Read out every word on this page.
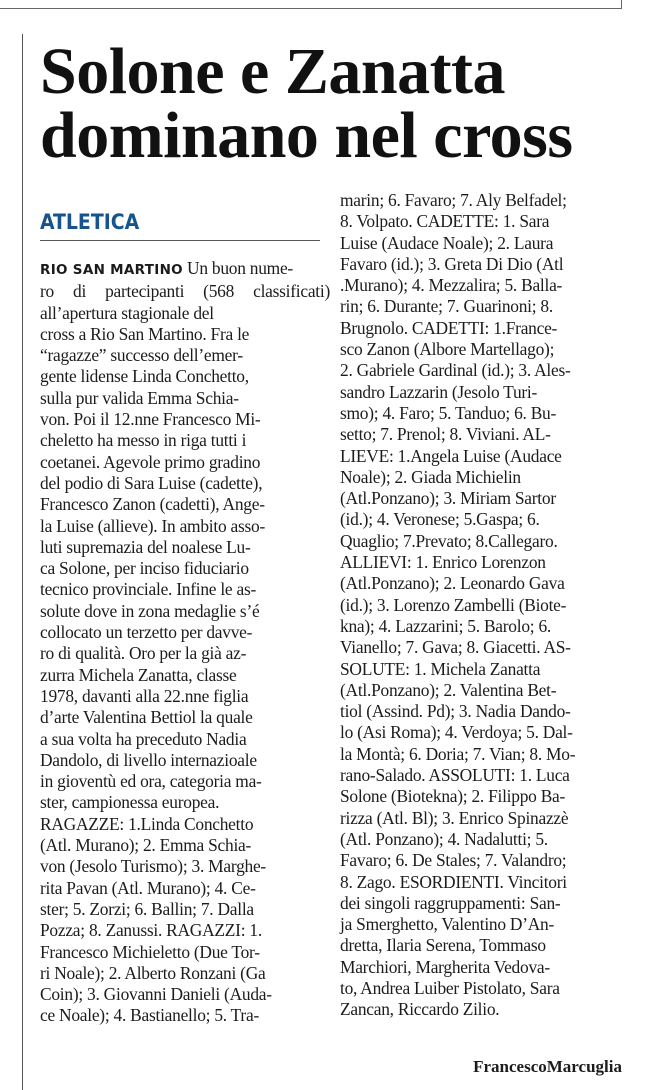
Solone e Zanatta
dominano nel cross
ATLETICA
RIO SAN MARTINO Un buon nume-
ro di partecipanti (568 classificati) all’apertura stagionale del
cross a Rio San Martino. Fra le
“ragazze” successo dell’emer-
gente lidense Linda Conchetto,
sulla pur valida Emma Schia-
von. Poi il 12.nne Francesco Mi-
cheletto ha messo in riga tutti i
coetanei. Agevole primo gradino
del podio di Sara Luise (cadette),
Francesco Zanon (cadetti), Ange-
la Luise (allieve). In ambito asso-
luti supremazia del noalese Lu-
ca Solone, per inciso fiduciario
tecnico provinciale. Infine le as-
solute dove in zona medaglie s’é
collocato un terzetto per davve-
ro di qualità. Oro per la già az-
zurra Michela Zanatta, classe
1978, davanti alla 22.nne figlia
d’arte Valentina Bettiol la quale
a sua volta ha preceduto Nadia
Dandolo, di livello internazioale
in gioventù ed ora, categoria ma-
ster, campionessa europea.
RAGAZZE: 1.Linda Conchetto
(Atl. Murano); 2. Emma Schia-
von (Jesolo Turismo); 3. Marghe-
rita Pavan (Atl. Murano); 4. Ce-
ster; 5. Zorzi; 6. Ballin; 7. Dalla
Pozza; 8. Zanussi. RAGAZZI: 1.
Francesco Michieletto (Due Tor-
ri Noale); 2. Alberto Ronzani (Ga
Coin); 3. Giovanni Danieli (Auda-
ce Noale); 4. Bastianello; 5. Tra-
marin; 6. Favaro; 7. Aly Belfadel;
8. Volpato. CADETTE: 1. Sara
Luise (Audace Noale); 2. Laura
Favaro (id.); 3. Greta Di Dio (Atl
.Murano); 4. Mezzalira; 5. Balla-
rin; 6. Durante; 7. Guarinoni; 8.
Brugnolo. CADETTI: 1.France-
sco Zanon (Albore Martellago);
2. Gabriele Gardinal (id.); 3. Ales-
sandro Lazzarin (Jesolo Turi-
smo); 4. Faro; 5. Tanduo; 6. Bu-
setto; 7. Prenol; 8. Viviani. AL-
LIEVE: 1.Angela Luise (Audace
Noale); 2. Giada Michielin
(Atl.Ponzano); 3. Miriam Sartor
(id.); 4. Veronese; 5.Gaspa; 6.
Quaglio; 7.Prevato; 8.Callegaro.
ALLIEVI: 1. Enrico Lorenzon
(Atl.Ponzano); 2. Leonardo Gava
(id.); 3. Lorenzo Zambelli (Biote-
kna); 4. Lazzarini; 5. Barolo; 6.
Vianello; 7. Gava; 8. Giacetti. AS-
SOLUTE: 1. Michela Zanatta
(Atl.Ponzano); 2. Valentina Bet-
tiol (Assind. Pd); 3. Nadia Dando-
lo (Asi Roma); 4. Verdoya; 5. Dal-
la Montà; 6. Doria; 7. Vian; 8. Mo-
rano-Salado. ASSOLUTI: 1. Luca
Solone (Biotekna); 2. Filippo Ba-
rizza (Atl. Bl); 3. Enrico Spinazzè
(Atl. Ponzano); 4. Nadalutti; 5.
Favaro; 6. De Stales; 7. Valandro;
8. Zago. ESORDIENTI. Vincitori
dei singoli raggruppamenti: San-
ja Smerghetto, Valentino D’An-
dretta, Ilaria Serena, Tommaso
Marchiori, Margherita Vedova-
to, Andrea Luiber Pistolato, Sara
Zancan, Riccardo Zilio.
FrancescoMarcuglia
